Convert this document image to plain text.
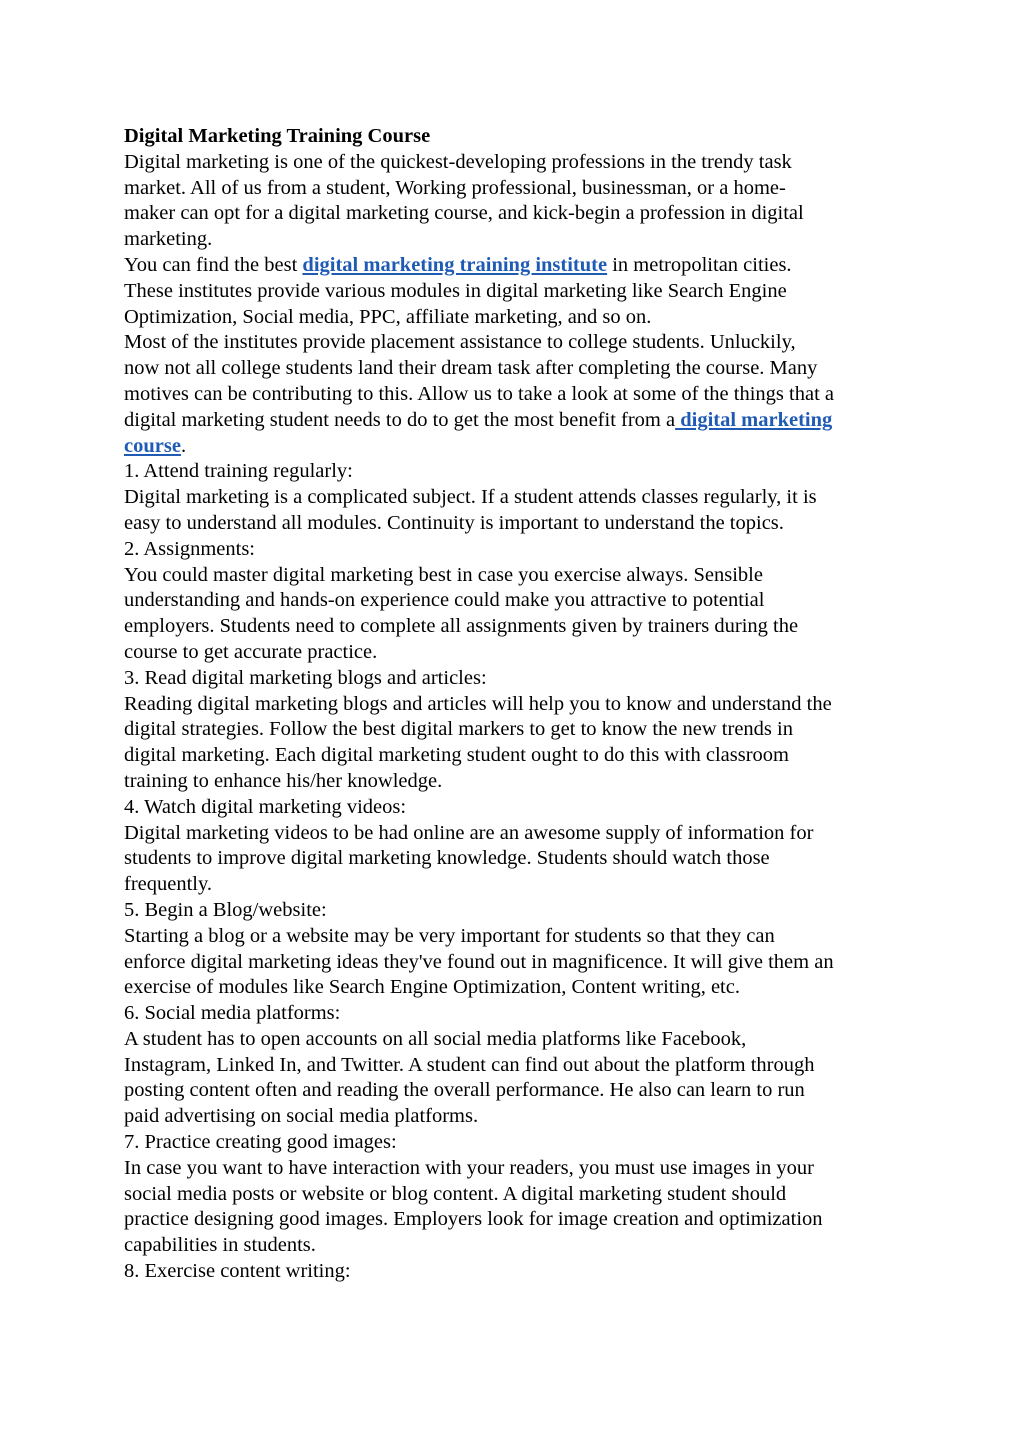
Digital Marketing Training Course

Digital marketing is one of the quickest-developing professions in the trendy task
market. All of us from a student, Working professional, businessman, or a home-
maker can opt for a digital marketing course, and kick-begin a profession in digital
marketing.

You can find the best digital marketing training institute in metropolitan cities.
These institutes provide various modules in digital marketing like Search Engine
Optimization, Social media, PPC, affiliate marketing, and so on.

Most of the institutes provide placement assistance to college students. Unluckily,
now not all college students land their dream task after completing the course. Many
motives can be contributing to this. Allow us to take a look at some of the things that a
digital marketing student needs to do to get the most benefit from a digital marketing
course.

1. Attend training regularly:

Digital marketing is a complicated subject. If a student attends classes regularly, it is
easy to understand all modules. Continuity is important to understand the topics.

2. Assignments:

You could master digital marketing best in case you exercise always. Sensible
understanding and hands-on experience could make you attractive to potential
employers. Students need to complete all assignments given by trainers during the
course to get accurate practice.

3. Read digital marketing blogs and articles:

Reading digital marketing blogs and articles will help you to know and understand the
digital strategies. Follow the best digital markers to get to know the new trends in
digital marketing. Each digital marketing student ought to do this with classroom
training to enhance his/her knowledge.

4. Watch digital marketing videos:

Digital marketing videos to be had online are an awesome supply of information for
students to improve digital marketing knowledge. Students should watch those
frequently.

5. Begin a Blog/website:

Starting a blog or a website may be very important for students so that they can
enforce digital marketing ideas they've found out in magnificence. It will give them an
exercise of modules like Search Engine Optimization, Content writing, etc.

6. Social media platforms:

A student has to open accounts on all social media platforms like Facebook,
Instagram, Linked In, and Twitter. A student can find out about the platform through
posting content often and reading the overall performance. He also can learn to run
paid advertising on social media platforms.

7. Practice creating good images:

In case you want to have interaction with your readers, you must use images in your
social media posts or website or blog content. A digital marketing student should
practice designing good images. Employers look for image creation and optimization
capabilities in students.

8. Exercise content writing:
